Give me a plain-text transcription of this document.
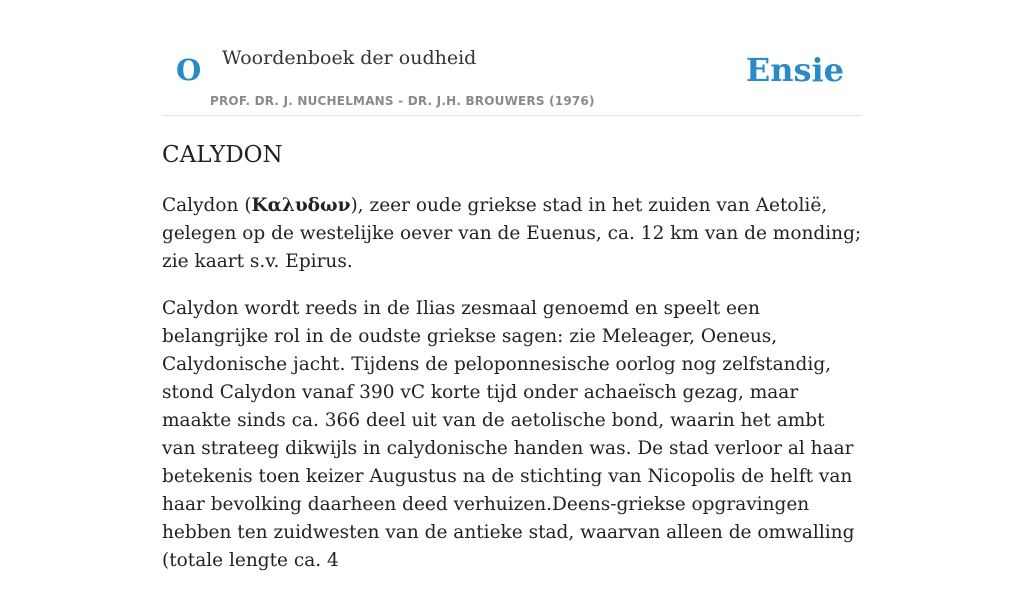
O Woordenboek der oudheid
PROF. DR. J. NUCHELMANS - DR. J.H. BROUWERS (1976)
Ensie
CALYDON

Calydon (Καλυδων), zeer oude griekse stad in het zuiden van Aetolië, gelegen op de westelijke oever van de Euenus, ca. 12 km van de monding; zie kaart s.v. Epirus.

Calydon wordt reeds in de Ilias zesmaal genoemd en speelt een belangrijke rol in de oudste griekse sagen: zie Meleager, Oeneus, Calydonische jacht. Tijdens de peloponnesische oorlog nog zelfstandig, stond Calydon vanaf 390 vC korte tijd onder achaeïsch gezag, maar maakte sinds ca. 366 deel uit van de aetolische bond, waarin het ambt van strateeg dikwijls in calydonische handen was. De stad verloor al haar betekenis toen keizer Augustus na de stichting van Nicopolis de helft van haar bevolking daarheen deed verhuizen.Deens-griekse opgravingen hebben ten zuidwesten van de antieke stad, waarvan alleen de omwalling (totale lengte ca. 4
